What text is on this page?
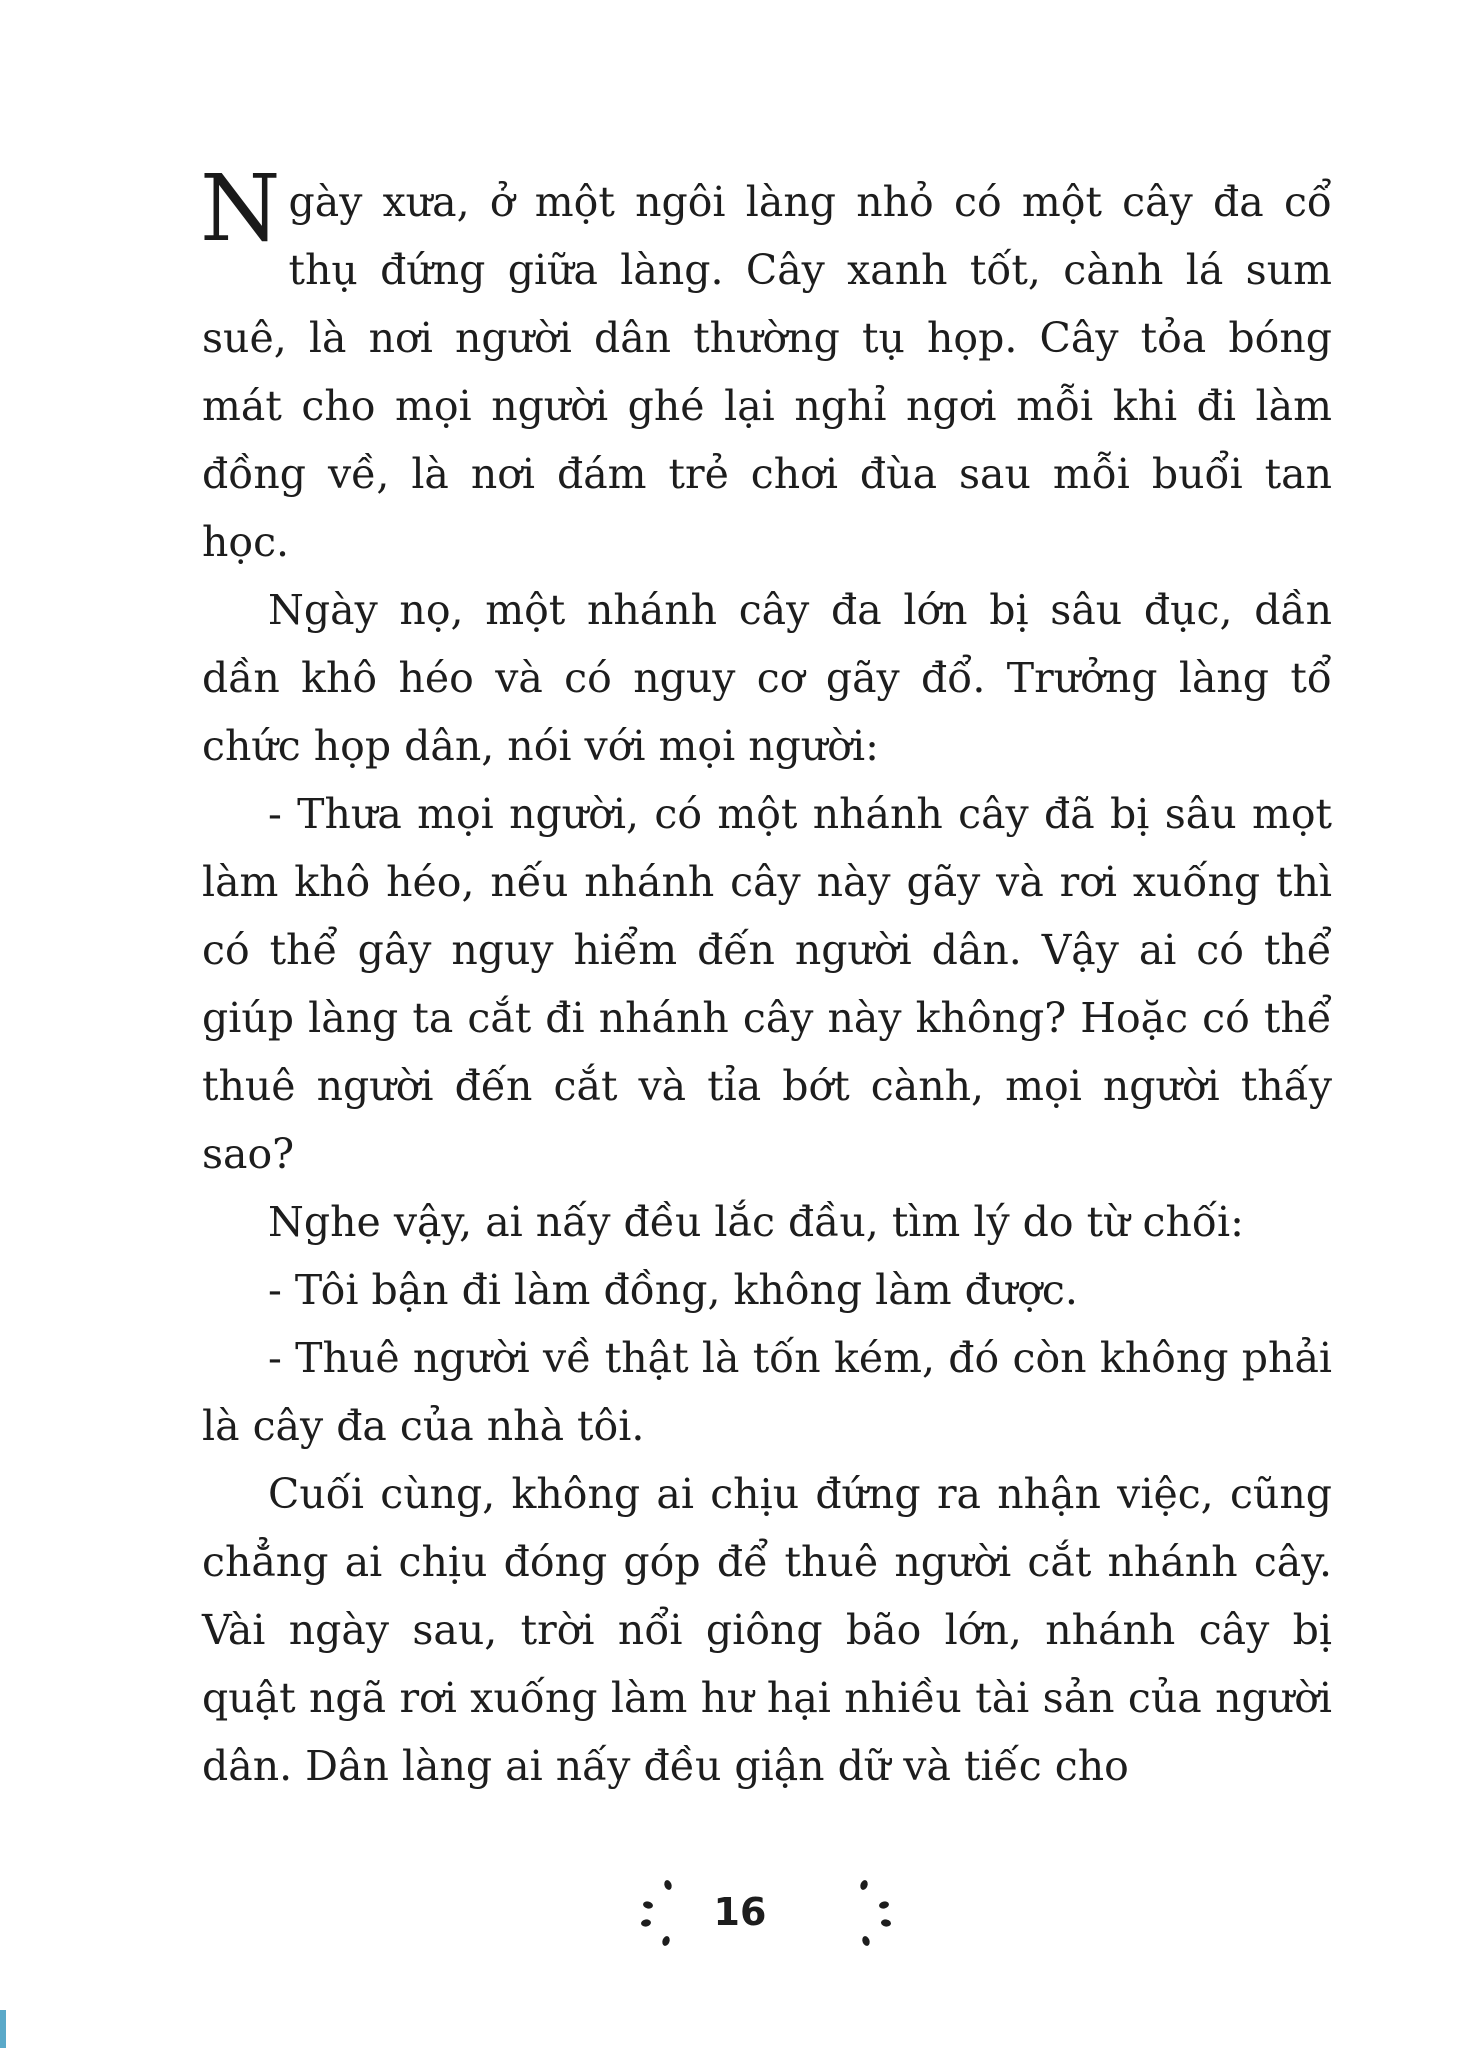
Ngày xưa, ở một ngôi làng nhỏ có một cây đa cổ thụ đứng giữa làng. Cây xanh tốt, cành lá sum suê, là nơi người dân thường tụ họp. Cây tỏa bóng mát cho mọi người ghé lại nghỉ ngơi mỗi khi đi làm đồng về, là nơi đám trẻ chơi đùa sau mỗi buổi tan học.

Ngày nọ, một nhánh cây đa lớn bị sâu đục, dần dần khô héo và có nguy cơ gãy đổ. Trưởng làng tổ chức họp dân, nói với mọi người:

- Thưa mọi người, có một nhánh cây đã bị sâu mọt làm khô héo, nếu nhánh cây này gãy và rơi xuống thì có thể gây nguy hiểm đến người dân. Vậy ai có thể giúp làng ta cắt đi nhánh cây này không? Hoặc có thể thuê người đến cắt và tỉa bớt cành, mọi người thấy sao?

Nghe vậy, ai nấy đều lắc đầu, tìm lý do từ chối:

- Tôi bận đi làm đồng, không làm được.

- Thuê người về thật là tốn kém, đó còn không phải là cây đa của nhà tôi.

Cuối cùng, không ai chịu đứng ra nhận việc, cũng chẳng ai chịu đóng góp để thuê người cắt nhánh cây. Vài ngày sau, trời nổi giông bão lớn, nhánh cây bị quật ngã rơi xuống làm hư hại nhiều tài sản của người dân. Dân làng ai nấy đều giận dữ và tiếc cho

16
